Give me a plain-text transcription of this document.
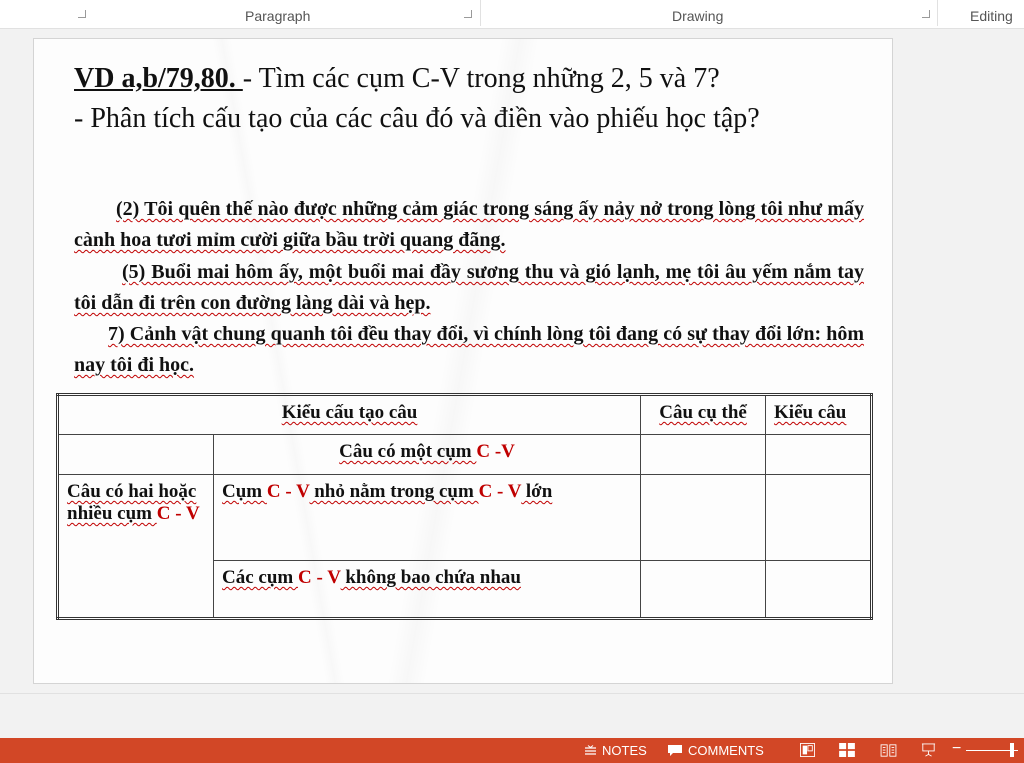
Paragraph	Drawing	Editing
VD a,b/79,80. - Tìm các cụm C-V trong những 2, 5 và 7?
- Phân tích cấu tạo của các câu đó và điền vào phiếu học tập?
(2) Tôi quên thế nào được những cảm giác trong sáng ấy nảy nở trong lòng tôi như mấy cành hoa tươi mỉm cười giữa bầu trời quang đãng.
(5) Buổi mai hôm ấy, một buổi mai đầy sương thu và gió lạnh, mẹ tôi âu yếm nắm tay tôi dẫn đi trên con đường làng dài và hẹp.
7) Cảnh vật chung quanh tôi đều thay đổi, vì chính lòng tôi đang có sự thay đổi lớn: hôm nay tôi đi học.
Kiểu cấu tạo câu		Câu cụ thể	Kiểu câu
	Câu có một cụm C -V		
Câu có hai hoặc nhiều cụm C - V	Cụm C - V nhỏ nằm trong cụm C - V lớn		
	Các cụm C - V không bao chứa nhau		
NOTES	COMMENTS	−
